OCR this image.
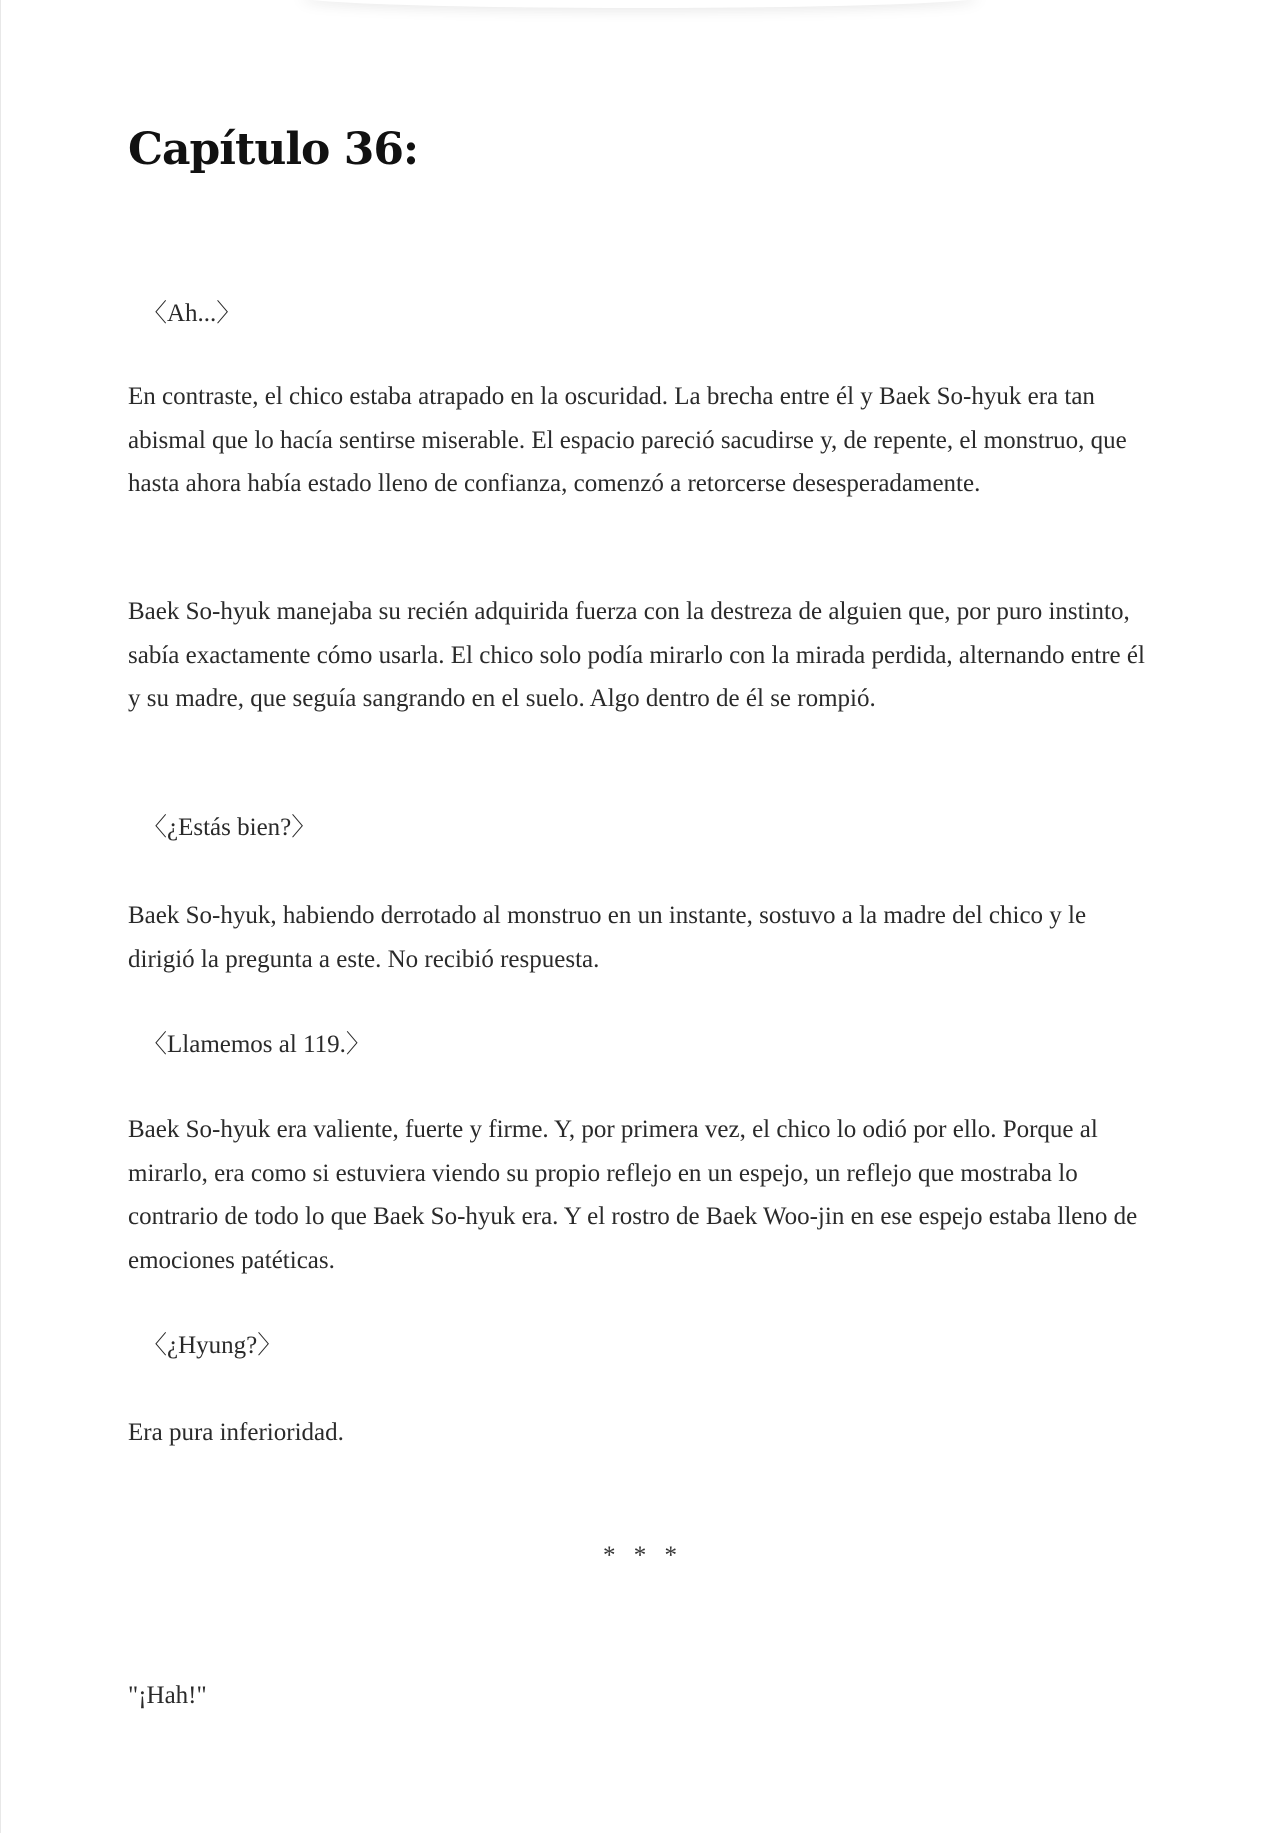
Capítulo 36:

〈Ah...〉

En contraste, el chico estaba atrapado en la oscuridad. La brecha entre él y Baek So-hyuk era tan abismal que lo hacía sentirse miserable. El espacio pareció sacudirse y, de repente, el monstruo, que hasta ahora había estado lleno de confianza, comenzó a retorcerse desesperadamente.

Baek So-hyuk manejaba su recién adquirida fuerza con la destreza de alguien que, por puro instinto, sabía exactamente cómo usarla. El chico solo podía mirarlo con la mirada perdida, alternando entre él y su madre, que seguía sangrando en el suelo. Algo dentro de él se rompió.

〈¿Estás bien?〉

Baek So-hyuk, habiendo derrotado al monstruo en un instante, sostuvo a la madre del chico y le dirigió la pregunta a este. No recibió respuesta.

〈Llamemos al 119.〉

Baek So-hyuk era valiente, fuerte y firme. Y, por primera vez, el chico lo odió por ello. Porque al mirarlo, era como si estuviera viendo su propio reflejo en un espejo, un reflejo que mostraba lo contrario de todo lo que Baek So-hyuk era. Y el rostro de Baek Woo-jin en ese espejo estaba lleno de emociones patéticas.

〈¿Hyung?〉

Era pura inferioridad.

* * *

"¡Hah!"
